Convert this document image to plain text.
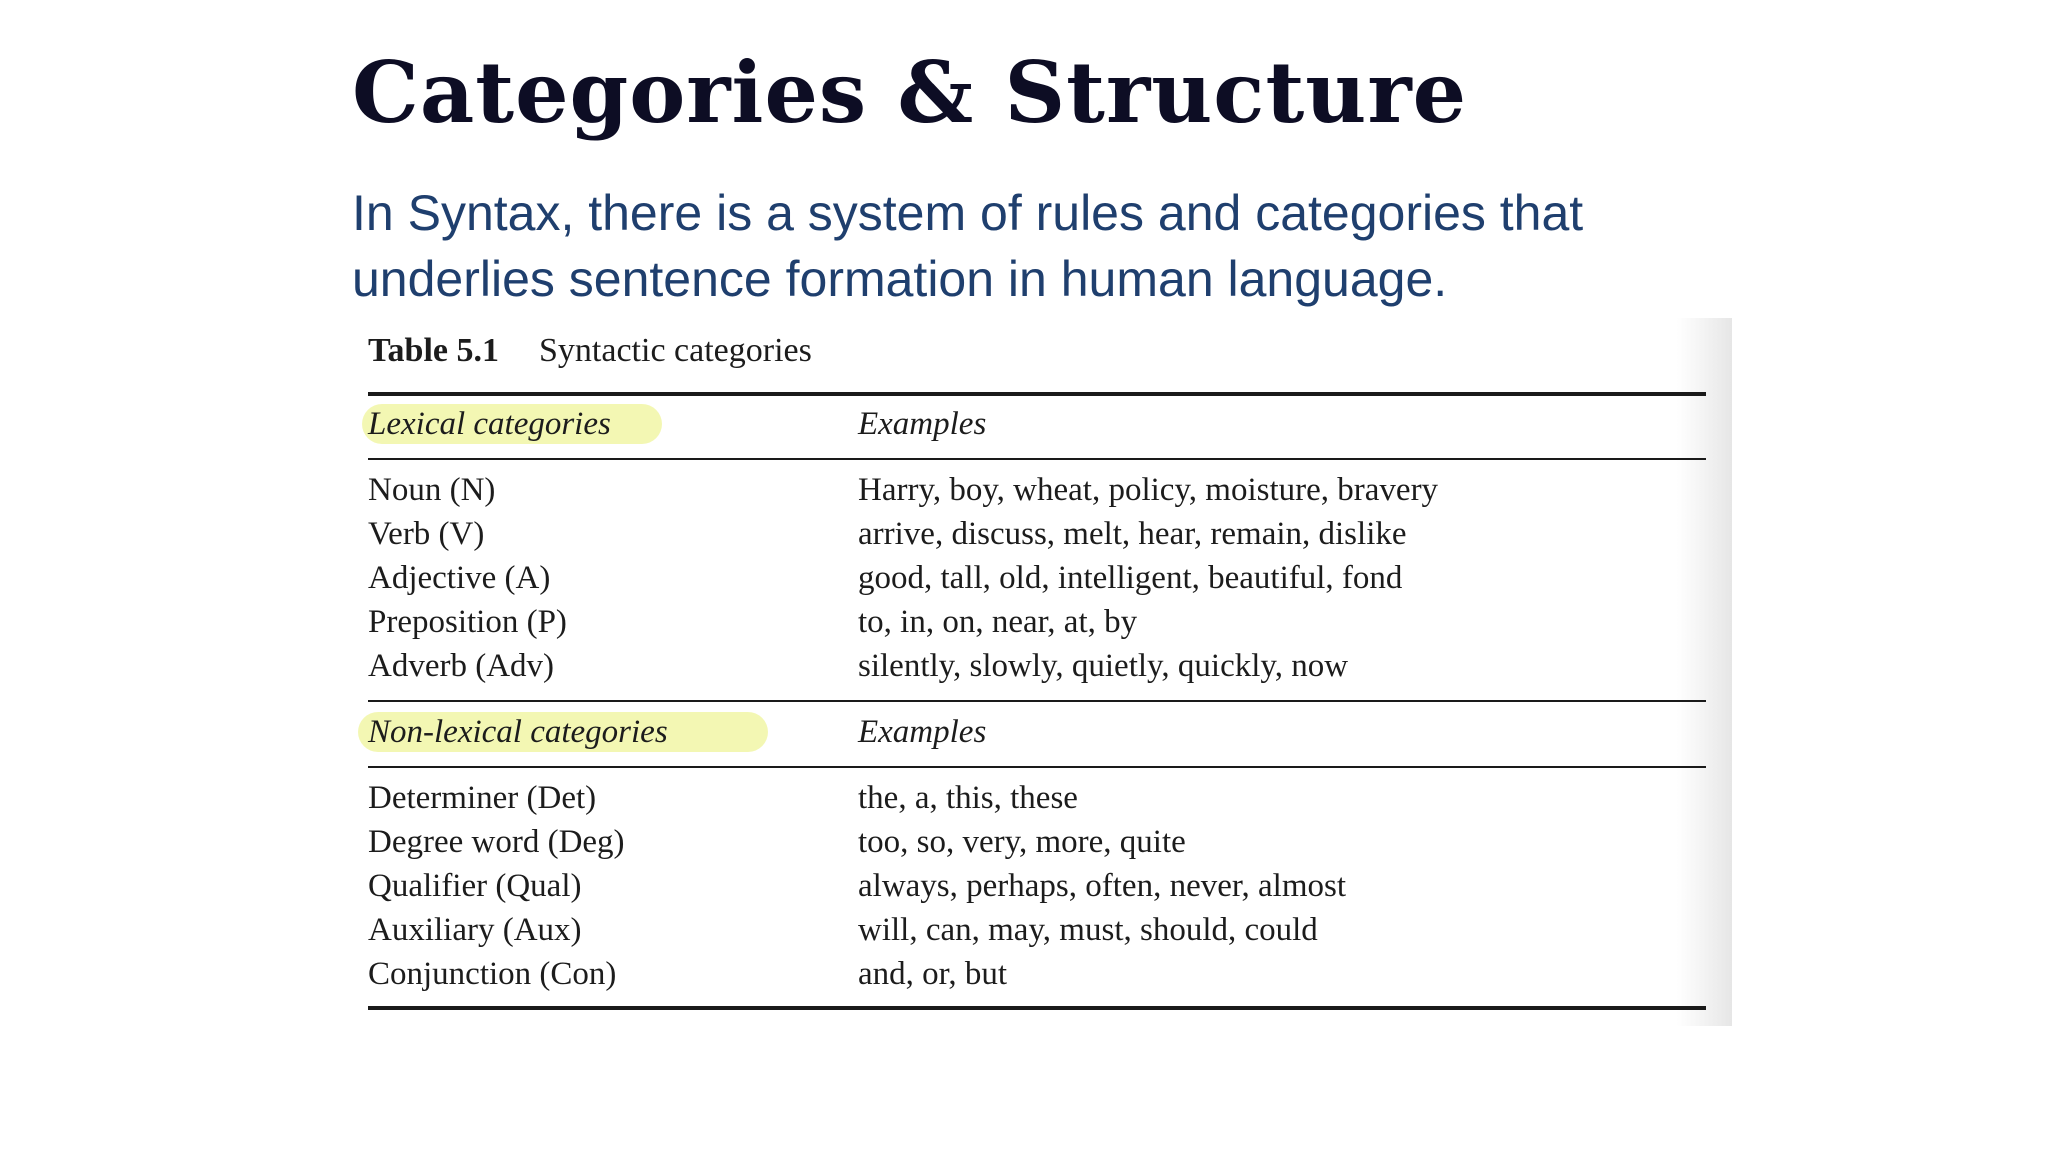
Categories & Structure

In Syntax, there is a system of rules and categories that underlies sentence formation in human language.

Table 5.1 Syntactic categories
Lexical categories	Examples
Noun (N)	Harry, boy, wheat, policy, moisture, bravery
Verb (V)	arrive, discuss, melt, hear, remain, dislike
Adjective (A)	good, tall, old, intelligent, beautiful, fond
Preposition (P)	to, in, on, near, at, by
Adverb (Adv)	silently, slowly, quietly, quickly, now
Non-lexical categories	Examples
Determiner (Det)	the, a, this, these
Degree word (Deg)	too, so, very, more, quite
Qualifier (Qual)	always, perhaps, often, never, almost
Auxiliary (Aux)	will, can, may, must, should, could
Conjunction (Con)	and, or, but
